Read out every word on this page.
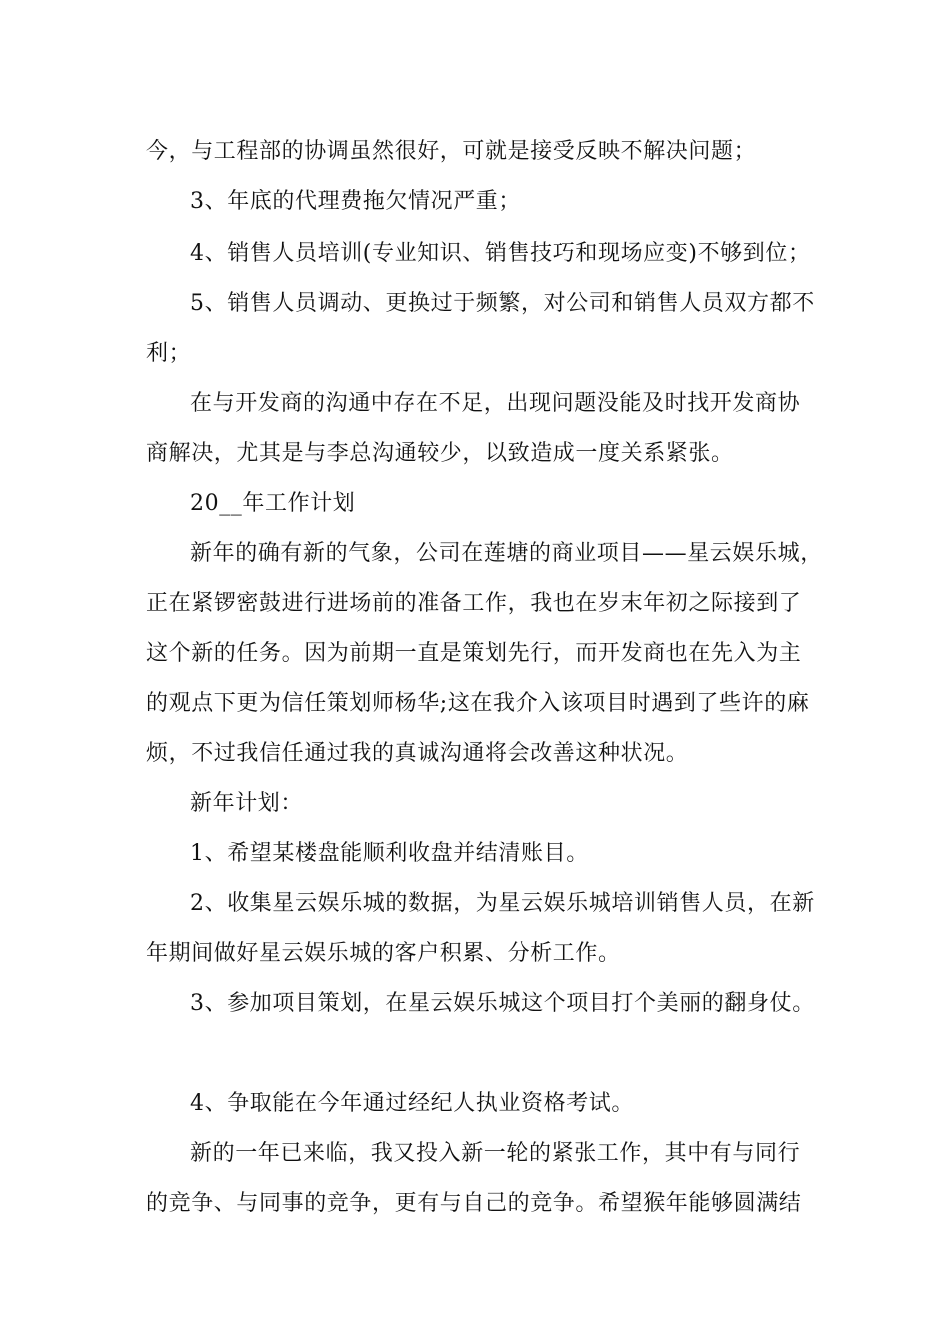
今，与工程部的协调虽然很好，可就是接受反映不解决问题；
3、年底的代理费拖欠情况严重；
4、销售人员培训(专业知识、销售技巧和现场应变)不够到位；
5、销售人员调动、更换过于频繁，对公司和销售人员双方都不
利；
在与开发商的沟通中存在不足，出现问题没能及时找开发商协
商解决，尤其是与李总沟通较少，以致造成一度关系紧张。
20__年工作计划
新年的确有新的气象，公司在莲塘的商业项目——星云娱乐城，
正在紧锣密鼓进行进场前的准备工作，我也在岁末年初之际接到了
这个新的任务。因为前期一直是策划先行，而开发商也在先入为主
的观点下更为信任策划师杨华;这在我介入该项目时遇到了些许的麻
烦，不过我信任通过我的真诚沟通将会改善这种状况。
新年计划：
1、希望某楼盘能顺利收盘并结清账目。
2、收集星云娱乐城的数据，为星云娱乐城培训销售人员，在新
年期间做好星云娱乐城的客户积累、分析工作。
3、参加项目策划，在星云娱乐城这个项目打个美丽的翻身仗。
4、争取能在今年通过经纪人执业资格考试。
新的一年已来临，我又投入新一轮的紧张工作，其中有与同行
的竞争、与同事的竞争，更有与自己的竞争。希望猴年能够圆满结
